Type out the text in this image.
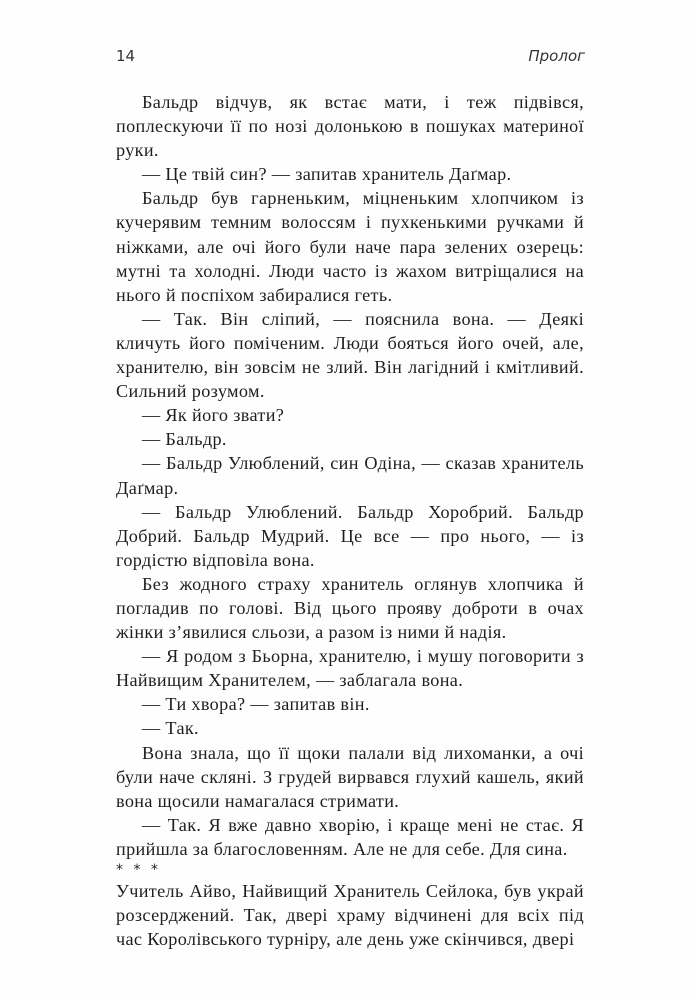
14	Пролог

Бальдр відчув, як встає мати, і теж підвівся, поплескуючи її по нозі долонькою в пошуках материної руки.

— Це твій син? — запитав хранитель Даґмар.

Бальдр був гарненьким, міцненьким хлопчиком із кучерявим темним волоссям і пухкенькими ручками й ніжками, але очі його були наче пара зелених озерець: мутні та холодні. Люди часто із жахом витріщалися на нього й поспіхом забиралися геть.

— Так. Він сліпий, — пояснила вона. — Деякі кличуть його поміченим. Люди бояться його очей, але, хранителю, він зовсім не злий. Він лагідний і кмітливий. Сильний розумом.

— Як його звати?

— Бальдр.

— Бальдр Улюблений, син Одіна, — сказав хранитель Даґмар.

— Бальдр Улюблений. Бальдр Хоробрий. Бальдр Добрий. Бальдр Мудрий. Це все — про нього, — із гордістю відповіла вона.

Без жодного страху хранитель оглянув хлопчика й погладив по голові. Від цього прояву доброти в очах жінки з’явилися сльози, а разом із ними й надія.

— Я родом з Бьорна, хранителю, і мушу поговорити з Найвищим Хранителем, — заблагала вона.

— Ти хвора? — запитав він.

— Так.

Вона знала, що її щоки палали від лихоманки, а очі були наче скляні. З грудей вирвався глухий кашель, який вона щосили намагалася стримати.

— Так. Я вже давно хворію, і краще мені не стає. Я прийшла за благословенням. Але не для себе. Для сина.

* * *

Учитель Айво, Найвищий Хранитель Сейлока, був украй розсерджений. Так, двері храму відчинені для всіх під час Королівського турніру, але день уже скінчився, двері
